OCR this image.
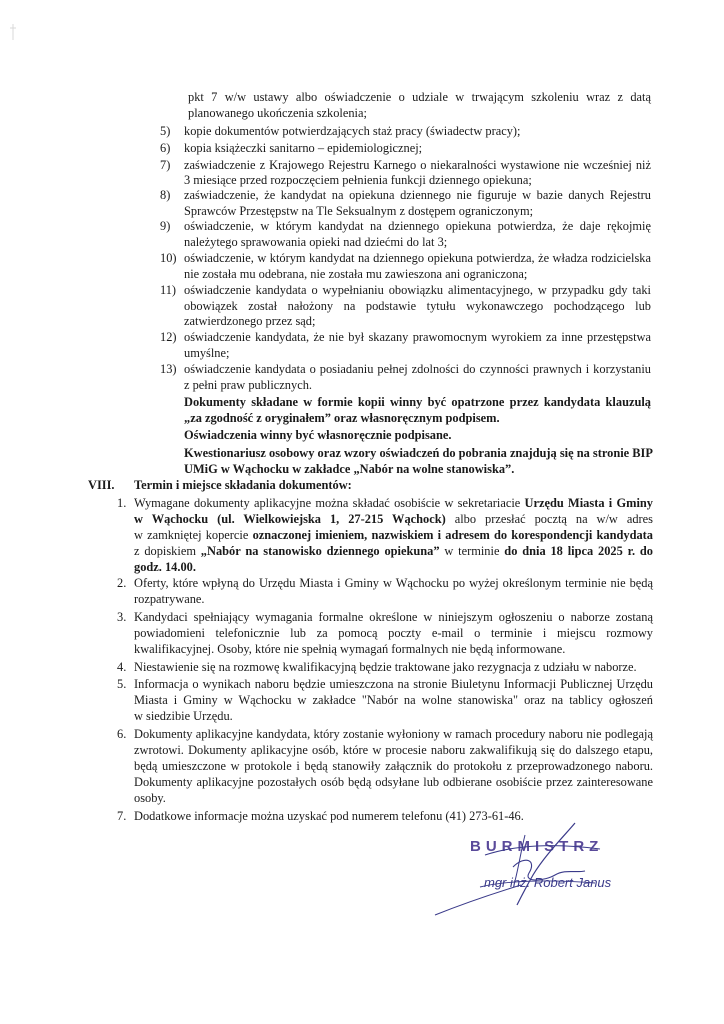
pkt 7 w/w ustawy albo oświadczenie o udziale w trwającym szkoleniu wraz z datą
planowanego ukończenia szkolenia;
5) kopie dokumentów potwierdzających staż pracy (świadectw pracy);
6) kopia książeczki sanitarno – epidemiologicznej;
7) zaświadczenie z Krajowego Rejestru Karnego o niekaralności wystawione nie wcześniej niż
3 miesiące przed rozpoczęciem pełnienia funkcji dziennego opiekuna;
8) zaświadczenie, że kandydat na opiekuna dziennego nie figuruje w bazie danych Rejestru
Sprawców Przestępstw na Tle Seksualnym z dostępem ograniczonym;
9) oświadczenie, w którym kandydat na dziennego opiekuna potwierdza, że daje rękojmię
należytego sprawowania opieki nad dziećmi do lat 3;
10) oświadczenie, w którym kandydat na dziennego opiekuna potwierdza, że władza rodzicielska
nie została mu odebrana, nie została mu zawieszona ani ograniczona;
11) oświadczenie kandydata o wypełnianiu obowiązku alimentacyjnego, w przypadku gdy taki
obowiązek został nałożony na podstawie tytułu wykonawczego pochodzącego lub
zatwierdzonego przez sąd;
12) oświadczenie kandydata, że nie był skazany prawomocnym wyrokiem za inne przestępstwa
umyślne;
13) oświadczenie kandydata o posiadaniu pełnej zdolności do czynności prawnych i korzystaniu
z pełni praw publicznych.
Dokumenty składane w formie kopii winny być opatrzone przez kandydata klauzulą
„za zgodność z oryginałem” oraz własnoręcznym podpisem.
Oświadczenia winny być własnoręcznie podpisane.
Kwestionariusz osobowy oraz wzory oświadczeń do pobrania znajdują się na stronie BIP
UMiG w Wąchocku w zakładce „Nabór na wolne stanowiska”.
VIII. Termin i miejsce składania dokumentów:
1. Wymagane dokumenty aplikacyjne można składać osobiście w sekretariacie Urzędu Miasta i Gminy
w Wąchocku (ul. Wielkowiejska 1, 27-215 Wąchock) albo przesłać pocztą na w/w adres
w zamkniętej kopercie oznaczonej imieniem, nazwiskiem i adresem do korespondencji kandydata
z dopiskiem „Nabór na stanowisko dziennego opiekuna” w terminie do dnia 18 lipca 2025 r. do
godz. 14.00.
2. Oferty, które wpłyną do Urzędu Miasta i Gminy w Wąchocku po wyżej określonym terminie nie będą
rozpatrywane.
3. Kandydaci spełniający wymagania formalne określone w niniejszym ogłoszeniu o naborze zostaną
powiadomieni telefonicznie lub za pomocą poczty e-mail o terminie i miejscu rozmowy
kwalifikacyjnej. Osoby, które nie spełnią wymagań formalnych nie będą informowane.
4. Niestawienie się na rozmowę kwalifikacyjną będzie traktowane jako rezygnacja z udziału w naborze.
5. Informacja o wynikach naboru będzie umieszczona na stronie Biuletynu Informacji Publicznej Urzędu
Miasta i Gminy w Wąchocku w zakładce "Nabór na wolne stanowiska" oraz na tablicy ogłoszeń
w siedzibie Urzędu.
6. Dokumenty aplikacyjne kandydata, który zostanie wyłoniony w ramach procedury naboru nie podlegają
zwrotowi. Dokumenty aplikacyjne osób, które w procesie naboru zakwalifikują się do dalszego etapu,
będą umieszczone w protokole i będą stanowiły załącznik do protokołu z przeprowadzonego naboru.
Dokumenty aplikacyjne pozostałych osób będą odsyłane lub odbierane osobiście przez zainteresowane
osoby.
7. Dodatkowe informacje można uzyskać pod numerem telefonu (41) 273-61-46.
BURMISTRZ
mgr inż. Robert Janus
